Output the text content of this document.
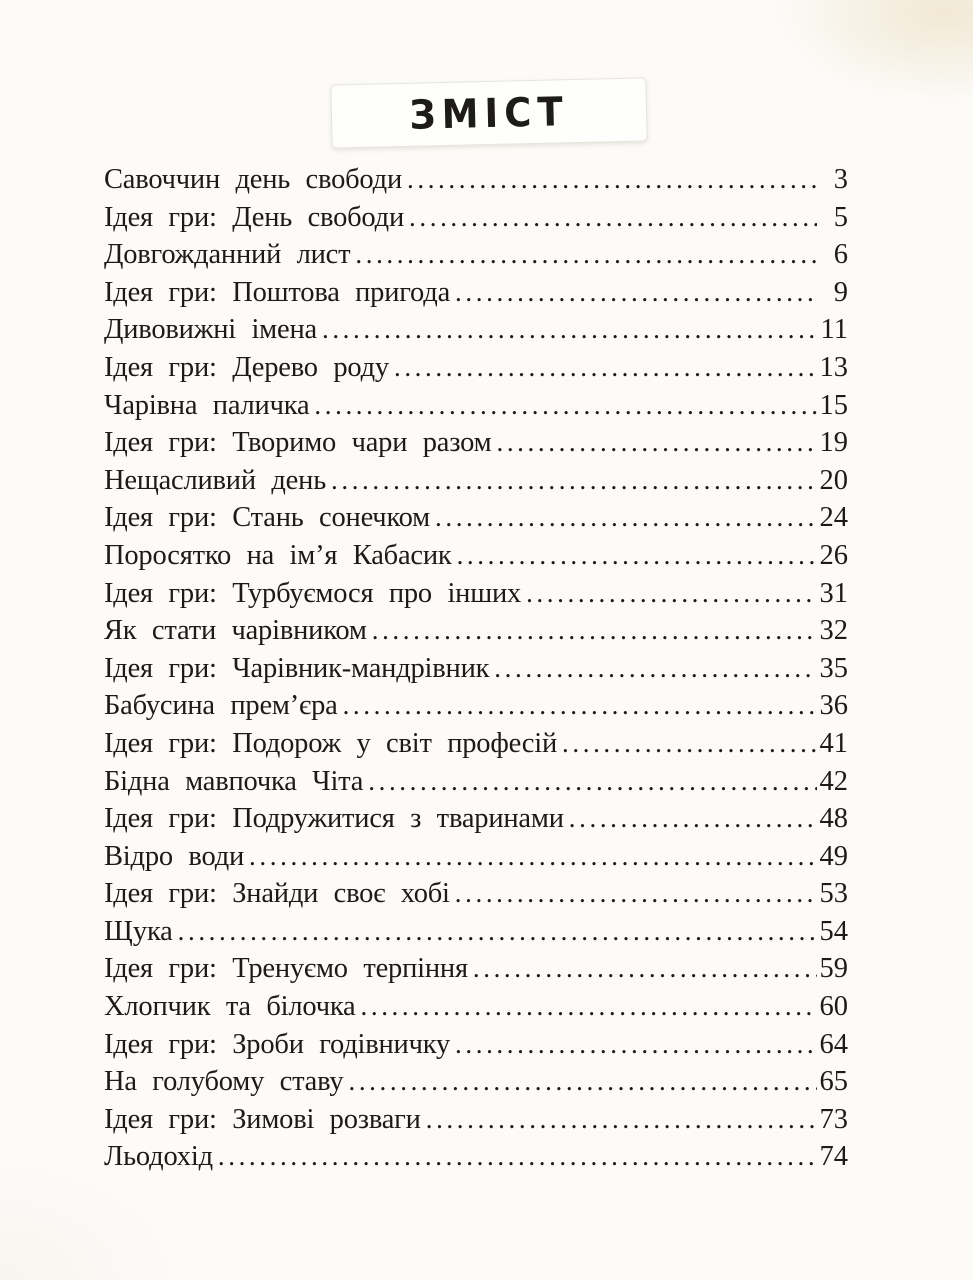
ЗМІСТ
Савоччин день свободи .....	3
Ідея гри: День свободи .....	5
Довгожданний лист .....	6
Ідея гри: Поштова пригода .....	9
Дивовижні імена .....	11
Ідея гри: Дерево роду .....	13
Чарівна паличка .....	15
Ідея гри: Творимо чари разом .....	19
Нещасливий день .....	20
Ідея гри: Стань сонечком .....	24
Поросятко на ім’я Кабасик .....	26
Ідея гри: Турбуємося про інших .....	31
Як стати чарівником .....	32
Ідея гри: Чарівник-мандрівник .....	35
Бабусина прем’єра .....	36
Ідея гри: Подорож у світ професій .....	41
Бідна мавпочка Чіта .....	42
Ідея гри: Подружитися з тваринами .....	48
Відро води .....	49
Ідея гри: Знайди своє хобі .....	53
Щука .....	54
Ідея гри: Тренуємо терпіння .....	59
Хлопчик та білочка .....	60
Ідея гри: Зроби годівничку .....	64
На голубому ставу .....	65
Ідея гри: Зимові розваги .....	73
Льодохід .....	74
